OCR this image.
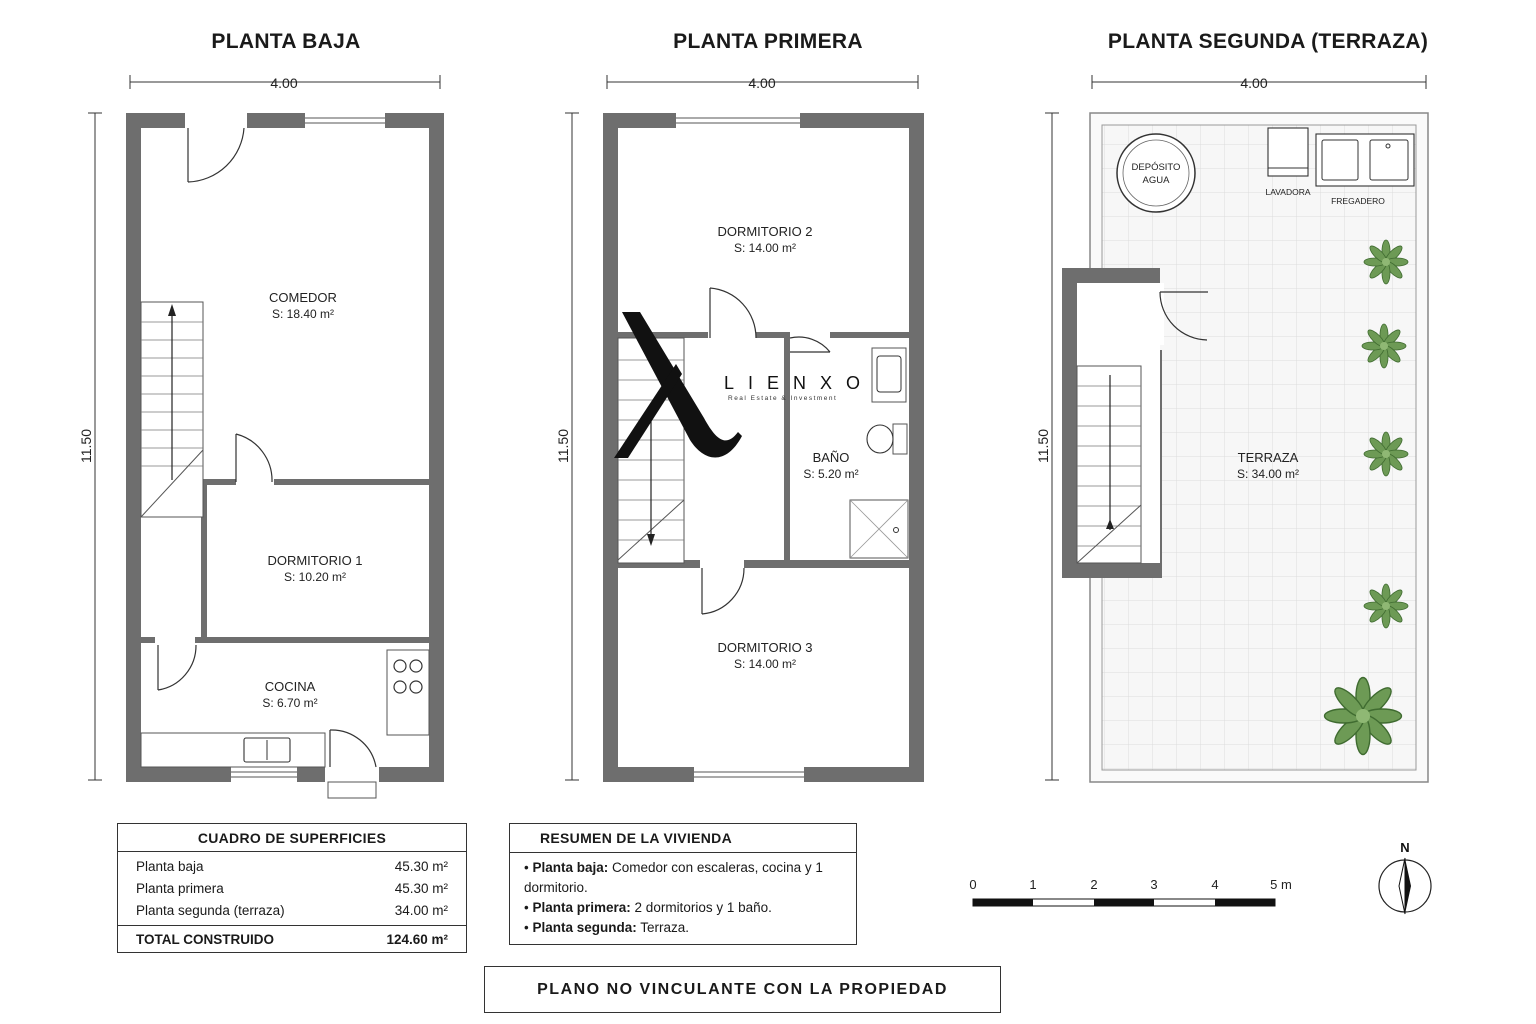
PLANTA BAJA	PLANTA PRIMERA	PLANTA SEGUNDA (TERRAZA)
4.00
11.50
COMEDOR
S: 18.40 m²
DORMITORIO 1
S: 10.20 m²
COCINA
S: 6.70 m²
4.00
11.50
DORMITORIO 2
S: 14.00 m²
BAÑO
S: 5.20 m²
DORMITORIO 3
S: 14.00 m²
LIENXO
Real Estate & Investment
4.00
11.50
DEPÓSITO
AGUA
LAVADORA
FREGADERO
TERRAZA
S: 34.00 m²
0	1	2	3	4	5 m
N
CUADRO DE SUPERFICIES
Planta baja	45.30 m²
Planta primera	45.30 m²
Planta segunda (terraza)	34.00 m²
TOTAL CONSTRUIDO	124.60 m²
RESUMEN DE LA VIVIENDA
• Planta baja: Comedor con escaleras, cocina y 1 dormitorio.
• Planta primera: 2 dormitorios y 1 baño.
• Planta segunda: Terraza.
PLANO NO VINCULANTE CON LA PROPIEDAD
